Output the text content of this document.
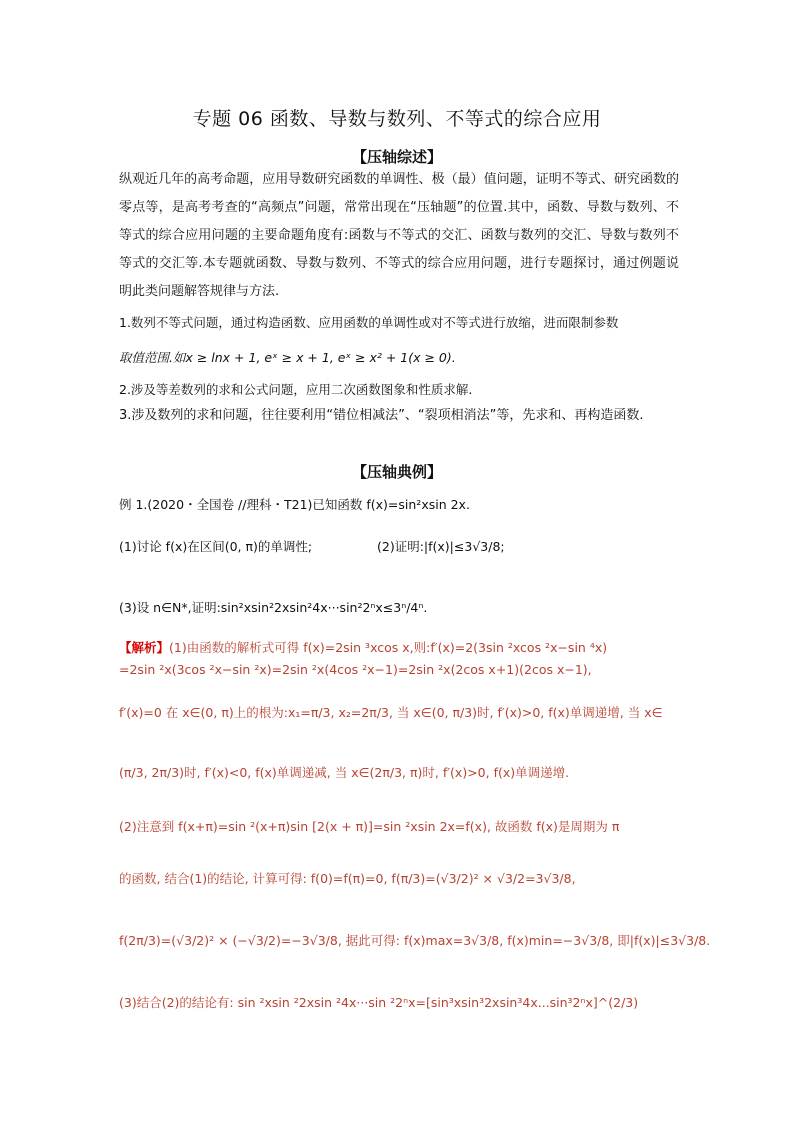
专题 06 函数、导数与数列、不等式的综合应用
【压轴综述】
纵观近几年的高考命题，应用导数研究函数的单调性、极（最）值问题，证明不等式、研究函数的零点等，是高考考查的“高频点”问题，常常出现在“压轴题”的位置.其中，函数、导数与数列、不等式的综合应用问题的主要命题角度有:函数与不等式的交汇、函数与数列的交汇、导数与数列不等式的交汇等.本专题就函数、导数与数列、不等式的综合应用问题，进行专题探讨，通过例题说明此类问题解答规律与方法.
1.数列不等式问题，通过构造函数、应用函数的单调性或对不等式进行放缩，进而限制参数
取值范围.如x ≥ lnx + 1, eˣ ≥ x + 1, eˣ ≥ x² + 1(x ≥ 0).
2.涉及等差数列的求和公式问题，应用二次函数图象和性质求解.
3.涉及数列的求和问题，往往要利用“错位相减法”、“裂项相消法”等，先求和、再构造函数.
【压轴典例】
例 1.(2020・全国卷 //理科・T21)已知函数 f(x)=sin²xsin 2x.
(1)讨论 f(x)在区间(0, π)的单调性;	(2)证明:|f(x)|≤3√3/8;
(3)设 n∈N*,证明:sin²xsin²2xsin²4x···sin²2ⁿx≤3ⁿ/4ⁿ.
【解析】(1)由函数的解析式可得 f(x)=2sin ³xcos x,则:f′(x)=2(3sin ²xcos ²x−sin ⁴x)
=2sin ²x(3cos ²x−sin ²x)=2sin ²x(4cos ²x−1)=2sin ²x(2cos x+1)(2cos x−1),
f′(x)=0 在 x∈(0, π)上的根为:x₁=π/3, x₂=2π/3, 当 x∈(0, π/3)时, f′(x)>0, f(x)单调递增, 当 x∈
(π/3, 2π/3)时, f′(x)<0, f(x)单调递减, 当 x∈(2π/3, π)时, f′(x)>0, f(x)单调递增.
(2)注意到 f(x+π)=sin ²(x+π)sin [2(x + π)]=sin ²xsin 2x=f(x), 故函数 f(x)是周期为 π
的函数, 结合(1)的结论, 计算可得: f(0)=f(π)=0, f(π/3)=(√3/2)² × √3/2=3√3/8,
f(2π/3)=(√3/2)² × (−√3/2)=−3√3/8, 据此可得: f(x)max=3√3/8, f(x)min=−3√3/8, 即|f(x)|≤3√3/8.
(3)结合(2)的结论有: sin ²xsin ²2xsin ²4x···sin ²2ⁿx=[sin³xsin³2xsin³4x...sin³2ⁿx]^(2/3)
